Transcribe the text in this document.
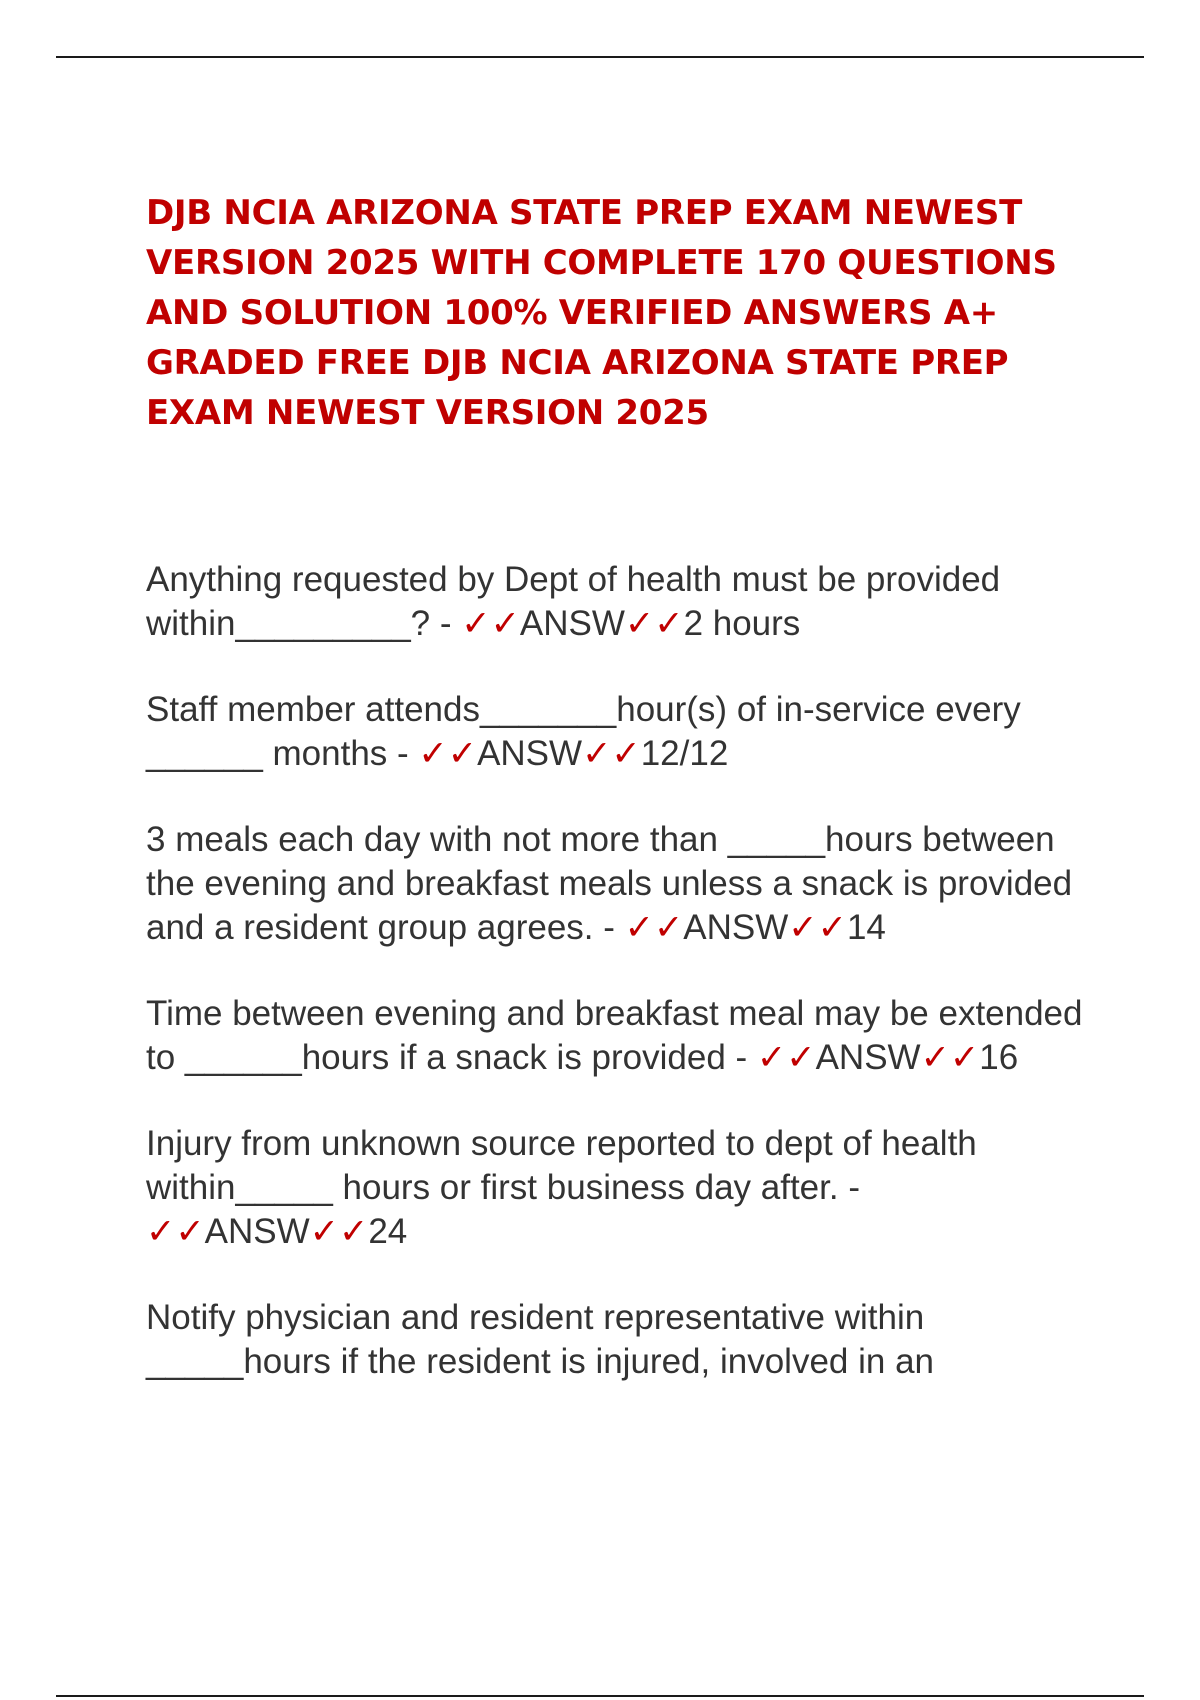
DJB NCIA ARIZONA STATE PREP EXAM NEWEST VERSION 2025 WITH COMPLETE 170 QUESTIONS AND SOLUTION 100% VERIFIED ANSWERS A+ GRADED FREE DJB NCIA ARIZONA STATE PREP EXAM NEWEST VERSION 2025
Anything requested by Dept of health must be provided within_________? - ✓✓ANSW✓✓2 hours
Staff member attends_______hour(s) of in-service every ______ months - ✓✓ANSW✓✓12/12
3 meals each day with not more than _____hours between the evening and breakfast meals unless a snack is provided and a resident group agrees. - ✓✓ANSW✓✓14
Time between evening and breakfast meal may be extended to ______hours if a snack is provided - ✓✓ANSW✓✓16
Injury from unknown source reported to dept of health within_____ hours or first business day after. - ✓✓ANSW✓✓24
Notify physician and resident representative within _____hours if the resident is injured, involved in an
